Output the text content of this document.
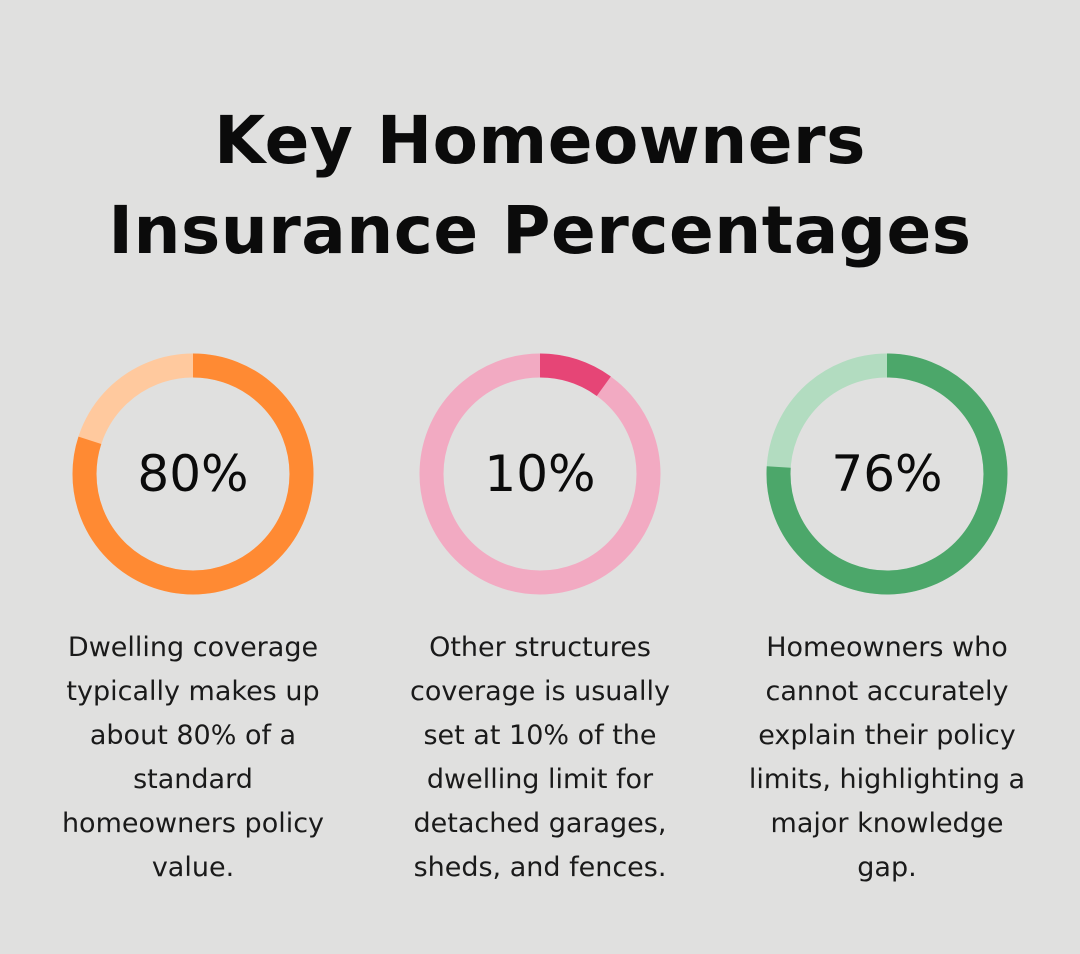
Key Homeowners
Insurance Percentages
80%
Dwelling coverage typically makes up about 80% of a standard homeowners policy value.
10%
Other structures coverage is usually set at 10% of the dwelling limit for detached garages, sheds, and fences.
76%
Homeowners who cannot accurately explain their policy limits, highlighting a major knowledge gap.
